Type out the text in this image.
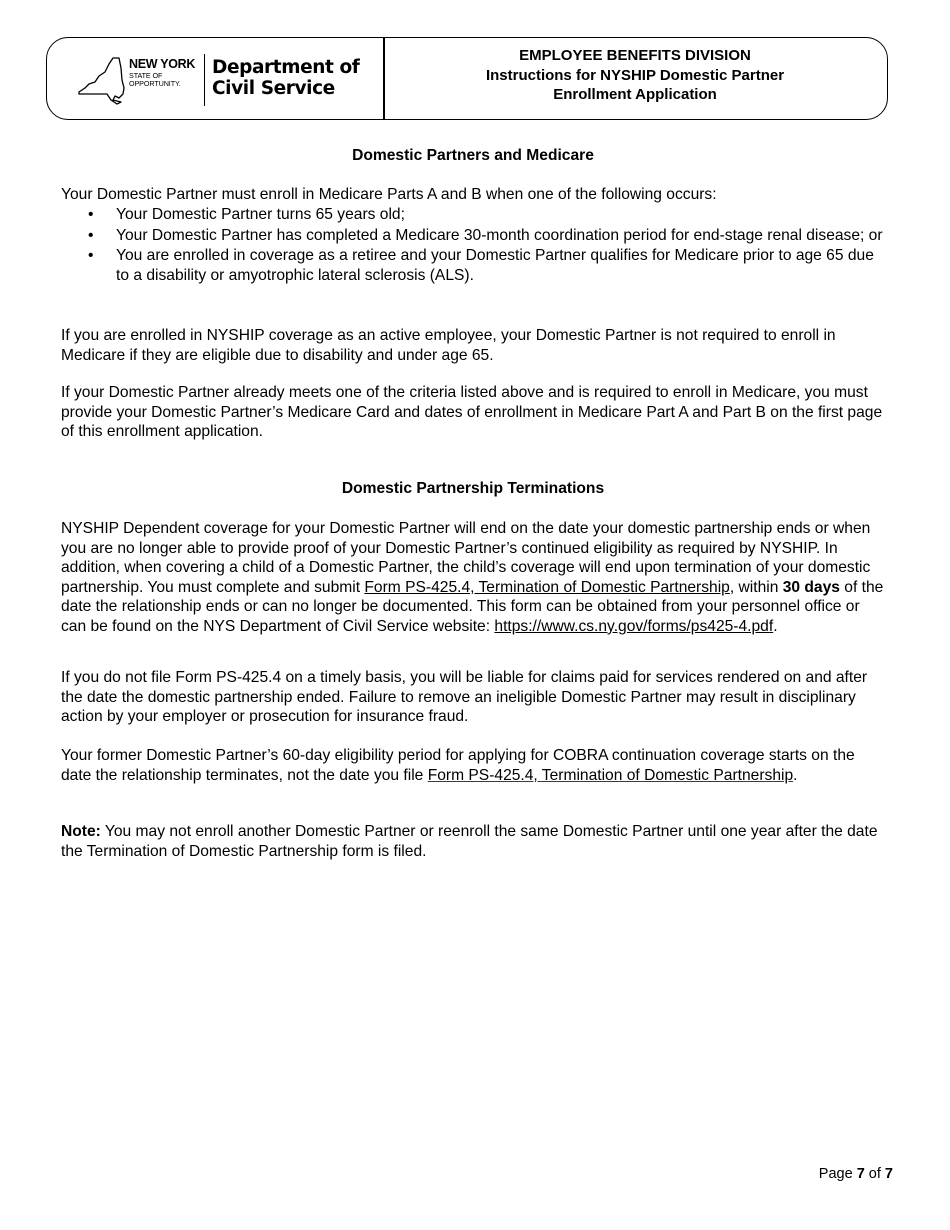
NEW YORK
STATE OF
OPPORTUNITY.
Department of
Civil Service
EMPLOYEE BENEFITS DIVISION
Instructions for NYSHIP Domestic Partner
Enrollment Application
Domestic Partners and Medicare

Your Domestic Partner must enroll in Medicare Parts A and B when one of the following occurs:

• Your Domestic Partner turns 65 years old;
• Your Domestic Partner has completed a Medicare 30-month coordination period for end-stage renal disease; or
• You are enrolled in coverage as a retiree and your Domestic Partner qualifies for Medicare prior to age 65 due to a disability or amyotrophic lateral sclerosis (ALS).

If you are enrolled in NYSHIP coverage as an active employee, your Domestic Partner is not required to enroll in Medicare if they are eligible due to disability and under age 65.

If your Domestic Partner already meets one of the criteria listed above and is required to enroll in Medicare, you must provide your Domestic Partner’s Medicare Card and dates of enrollment in Medicare Part A and Part B on the first page of this enrollment application.

Domestic Partnership Terminations

NYSHIP Dependent coverage for your Domestic Partner will end on the date your domestic partnership ends or when you are no longer able to provide proof of your Domestic Partner’s continued eligibility as required by NYSHIP. In addition, when covering a child of a Domestic Partner, the child’s coverage will end upon termination of your domestic partnership. You must complete and submit Form PS-425.4, Termination of Domestic Partnership, within 30 days of the date the relationship ends or can no longer be documented. This form can be obtained from your personnel office or can be found on the NYS Department of Civil Service website: https://www.cs.ny.gov/forms/ps425-4.pdf.

If you do not file Form PS-425.4 on a timely basis, you will be liable for claims paid for services rendered on and after the date the domestic partnership ended. Failure to remove an ineligible Domestic Partner may result in disciplinary action by your employer or prosecution for insurance fraud.

Your former Domestic Partner’s 60-day eligibility period for applying for COBRA continuation coverage starts on the date the relationship terminates, not the date you file Form PS-425.4, Termination of Domestic Partnership.

Note: You may not enroll another Domestic Partner or reenroll the same Domestic Partner until one year after the date the Termination of Domestic Partnership form is filed.

Page 7 of 7
